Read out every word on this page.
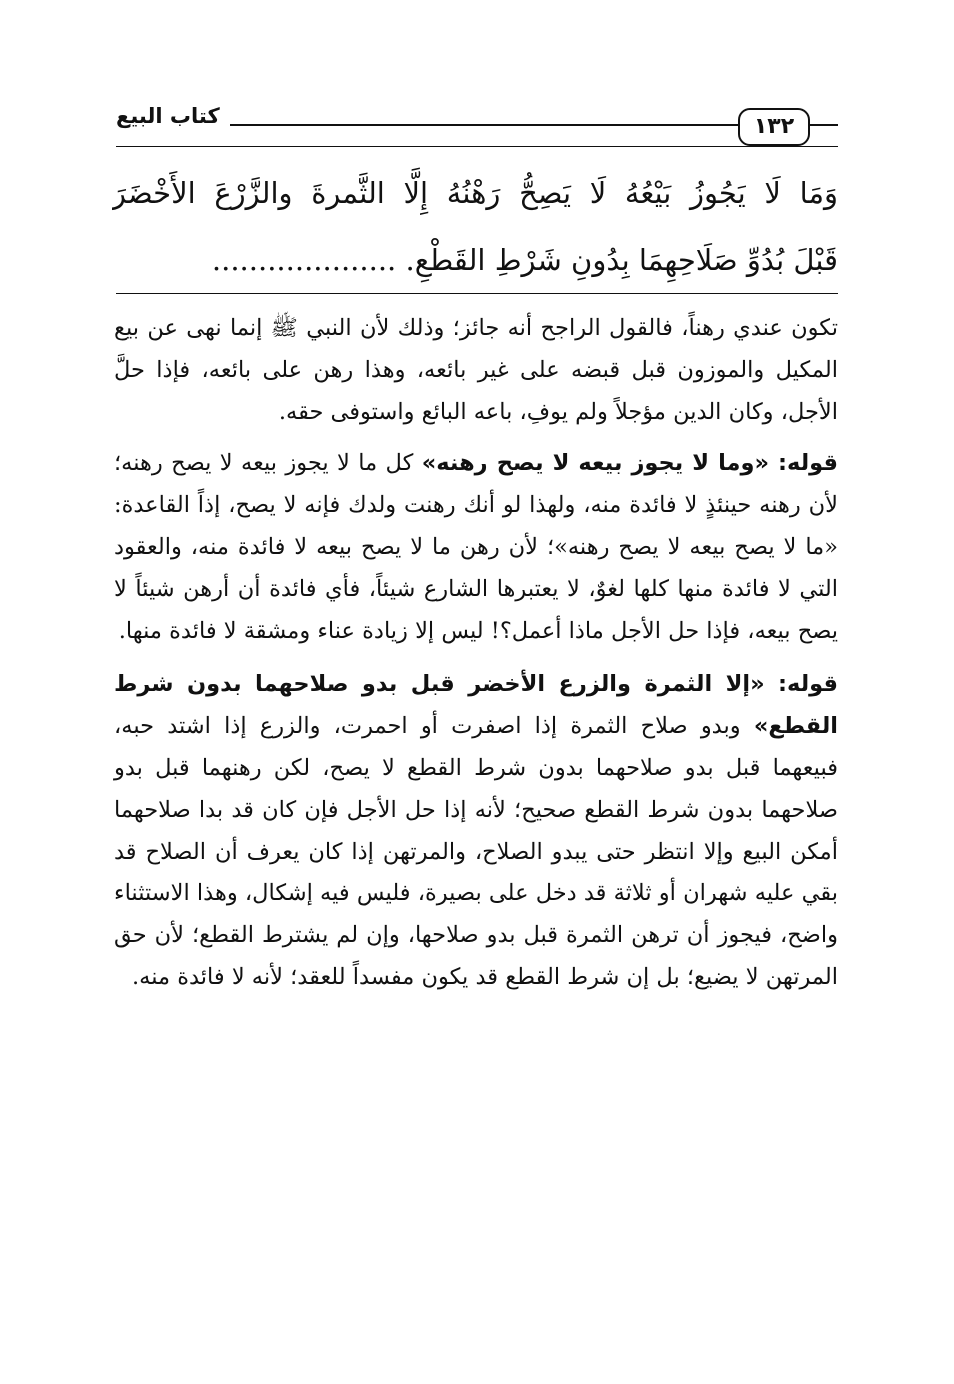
كتاب البيع	١٣٢
وَمَا لَا يَجُوزُ بَيْعُهُ لَا يَصِحُّ رَهْنُهُ إِلَّا الثَّمرةَ والزَّرْعَ الأَخْضَرَ
قَبْلَ بُدُوِّ صَلَاحِهِمَا بِدُونِ شَرْطِ القَطْعِ. ....................

تكون عندي رهناً، فالقول الراجح أنه جائز؛ وذلك لأن النبي ﷺ إنما نهى عن بيع المكيل والموزون قبل قبضه على غير بائعه، وهذا رهن على بائعه، فإذا حلَّ الأجل، وكان الدين مؤجلاً ولم يوفِ، باعه البائع واستوفى حقه.

قوله: «وما لا يجوز بيعه لا يصح رهنه» كل ما لا يجوز بيعه لا يصح رهنه؛ لأن رهنه حينئذٍ لا فائدة منه، ولهذا لو أنك رهنت ولدك فإنه لا يصح، إذاً القاعدة: «ما لا يصح بيعه لا يصح رهنه»؛ لأن رهن ما لا يصح بيعه لا فائدة منه، والعقود التي لا فائدة منها كلها لغوٌ، لا يعتبرها الشارع شيئاً، فأي فائدة أن أرهن شيئاً لا يصح بيعه، فإذا حل الأجل ماذا أعمل؟! ليس إلا زيادة عناء ومشقة لا فائدة منها.

قوله: «إلا الثمرة والزرع الأخضر قبل بدو صلاحهما بدون شرط القطع» وبدو صلاح الثمرة إذا اصفرت أو احمرت، والزرع إذا اشتد حبه، فبيعهما قبل بدو صلاحهما بدون شرط القطع لا يصح، لكن رهنهما قبل بدو صلاحهما بدون شرط القطع صحيح؛ لأنه إذا حل الأجل فإن كان قد بدا صلاحهما أمكن البيع وإلا انتظر حتى يبدو الصلاح، والمرتهن إذا كان يعرف أن الصلاح قد بقي عليه شهران أو ثلاثة قد دخل على بصيرة، فليس فيه إشكال، وهذا الاستثناء واضح، فيجوز أن ترهن الثمرة قبل بدو صلاحها، وإن لم يشترط القطع؛ لأن حق المرتهن لا يضيع؛ بل إن شرط القطع قد يكون مفسداً للعقد؛ لأنه لا فائدة منه.
